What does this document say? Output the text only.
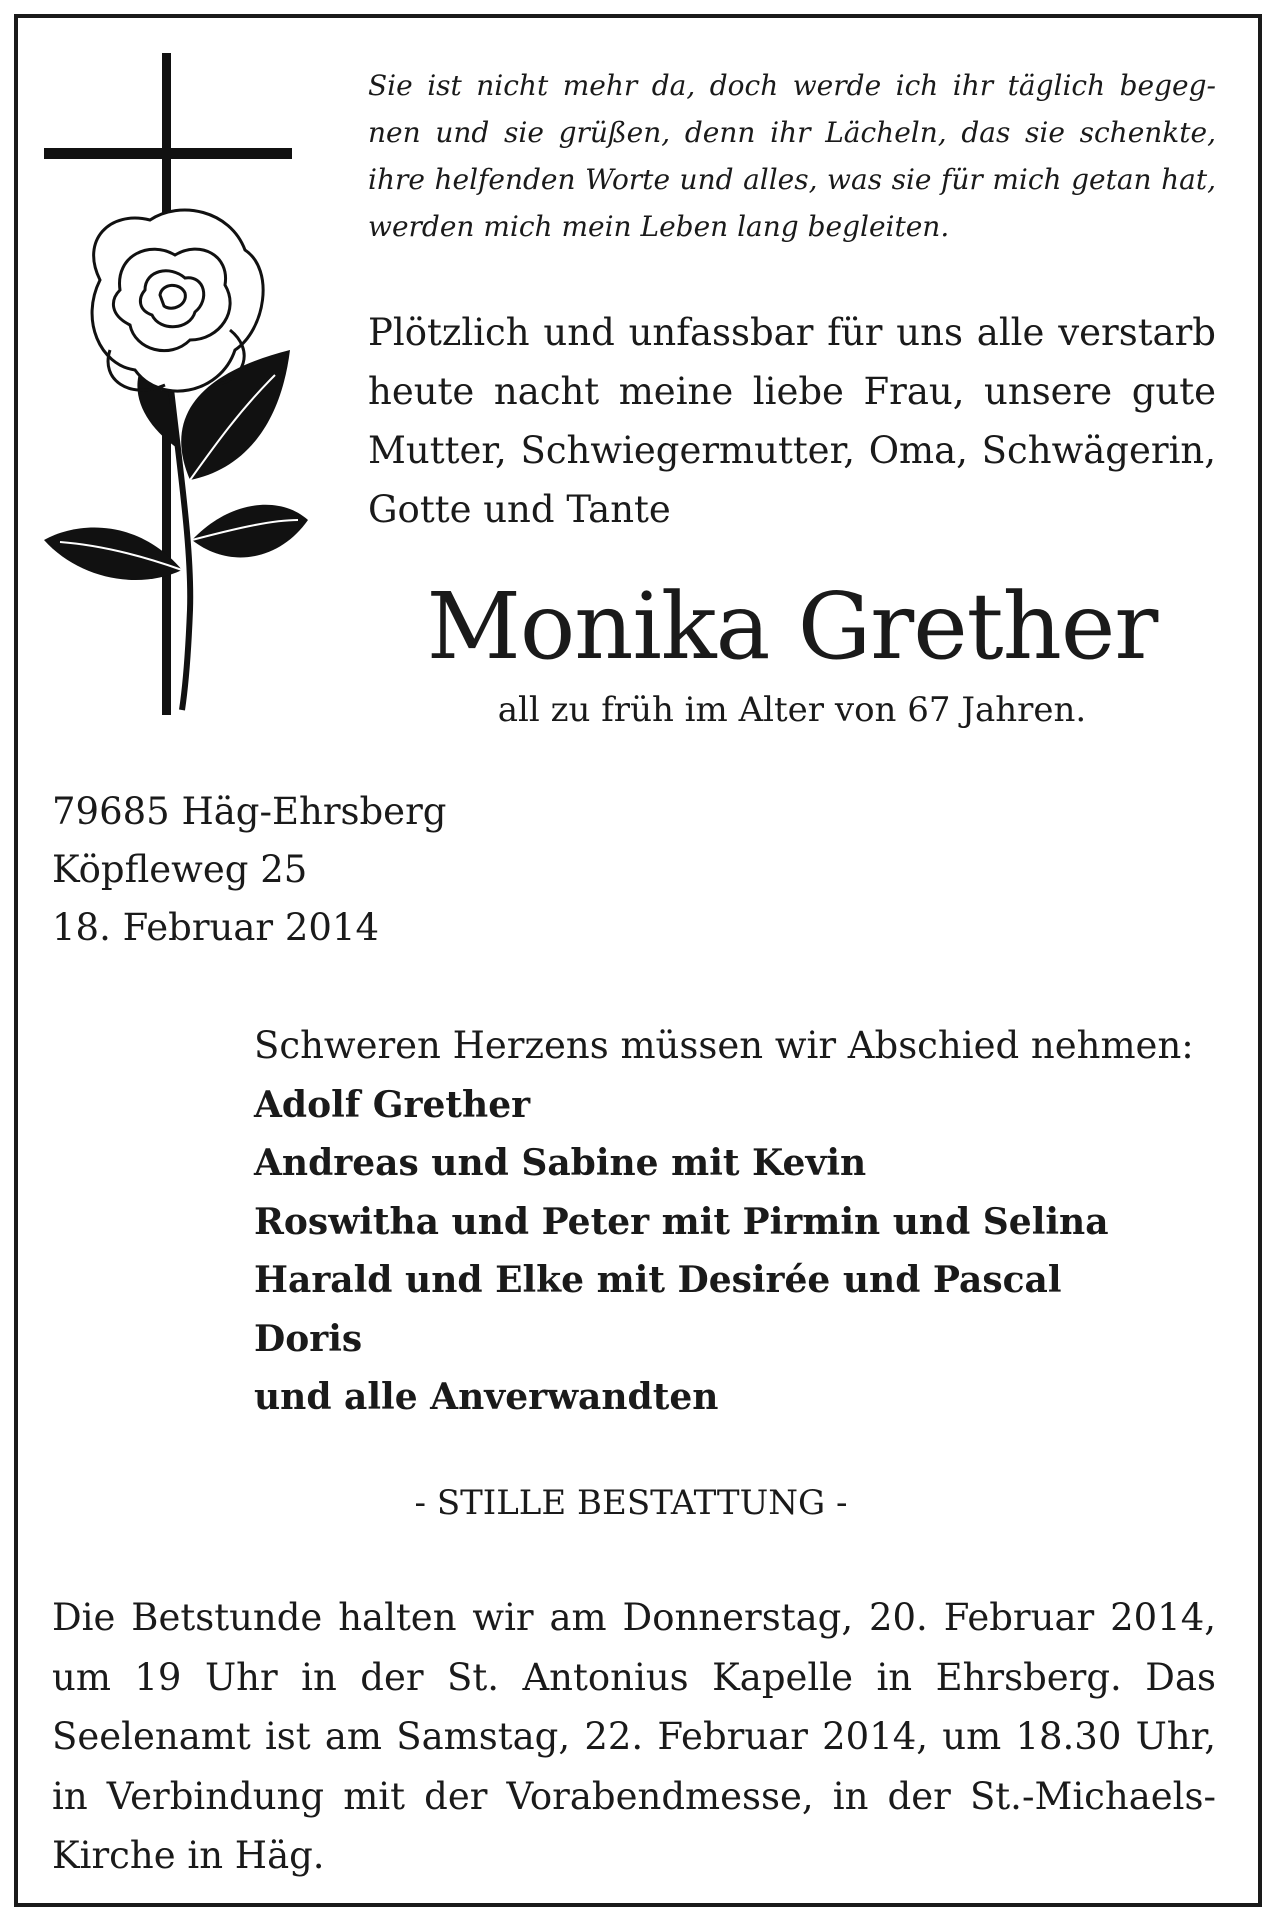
Sie ist nicht mehr da, doch werde ich ihr täglich begeg-
nen und sie grüßen, denn ihr Lächeln, das sie schenkte,
ihre helfenden Worte und alles, was sie für mich getan hat,
werden mich mein Leben lang begleiten.
Plötzlich und unfassbar für uns alle verstarb
heute nacht meine liebe Frau, unsere gute
Mutter, Schwiegermutter, Oma, Schwägerin,
Gotte und Tante
Monika Grether
all zu früh im Alter von 67 Jahren.
79685 Häg-Ehrsberg
Köpfleweg 25
18. Februar 2014
Schweren Herzens müssen wir Abschied nehmen:
Adolf Grether
Andreas und Sabine mit Kevin
Roswitha und Peter mit Pirmin und Selina
Harald und Elke mit Desirée und Pascal
Doris
und alle Anverwandten
- STILLE BESTATTUNG -
Die Betstunde halten wir am Donnerstag, 20. Februar 2014,
um 19 Uhr in der St. Antonius Kapelle in Ehrsberg. Das
Seelenamt ist am Samstag, 22. Februar 2014, um 18.30 Uhr,
in Verbindung mit der Vorabendmesse, in der St.-Michaels-
Kirche in Häg.
